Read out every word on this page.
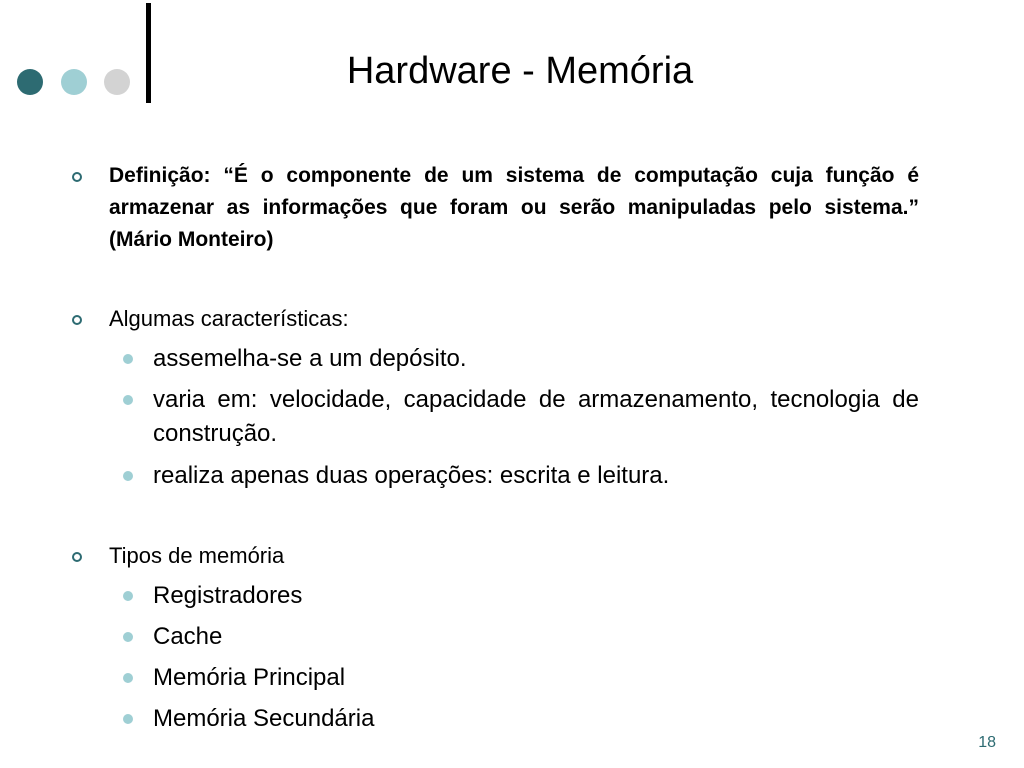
Hardware - Memória
Definição: “É o componente de um sistema de computação cuja função é armazenar as informações que foram ou serão manipuladas pelo sistema.” (Mário Monteiro)
Algumas características:
assemelha-se a um depósito.
varia em: velocidade, capacidade de armazenamento, tecnologia de construção.
realiza apenas duas operações: escrita e leitura.
Tipos de memória
Registradores
Cache
Memória Principal
Memória Secundária
18
